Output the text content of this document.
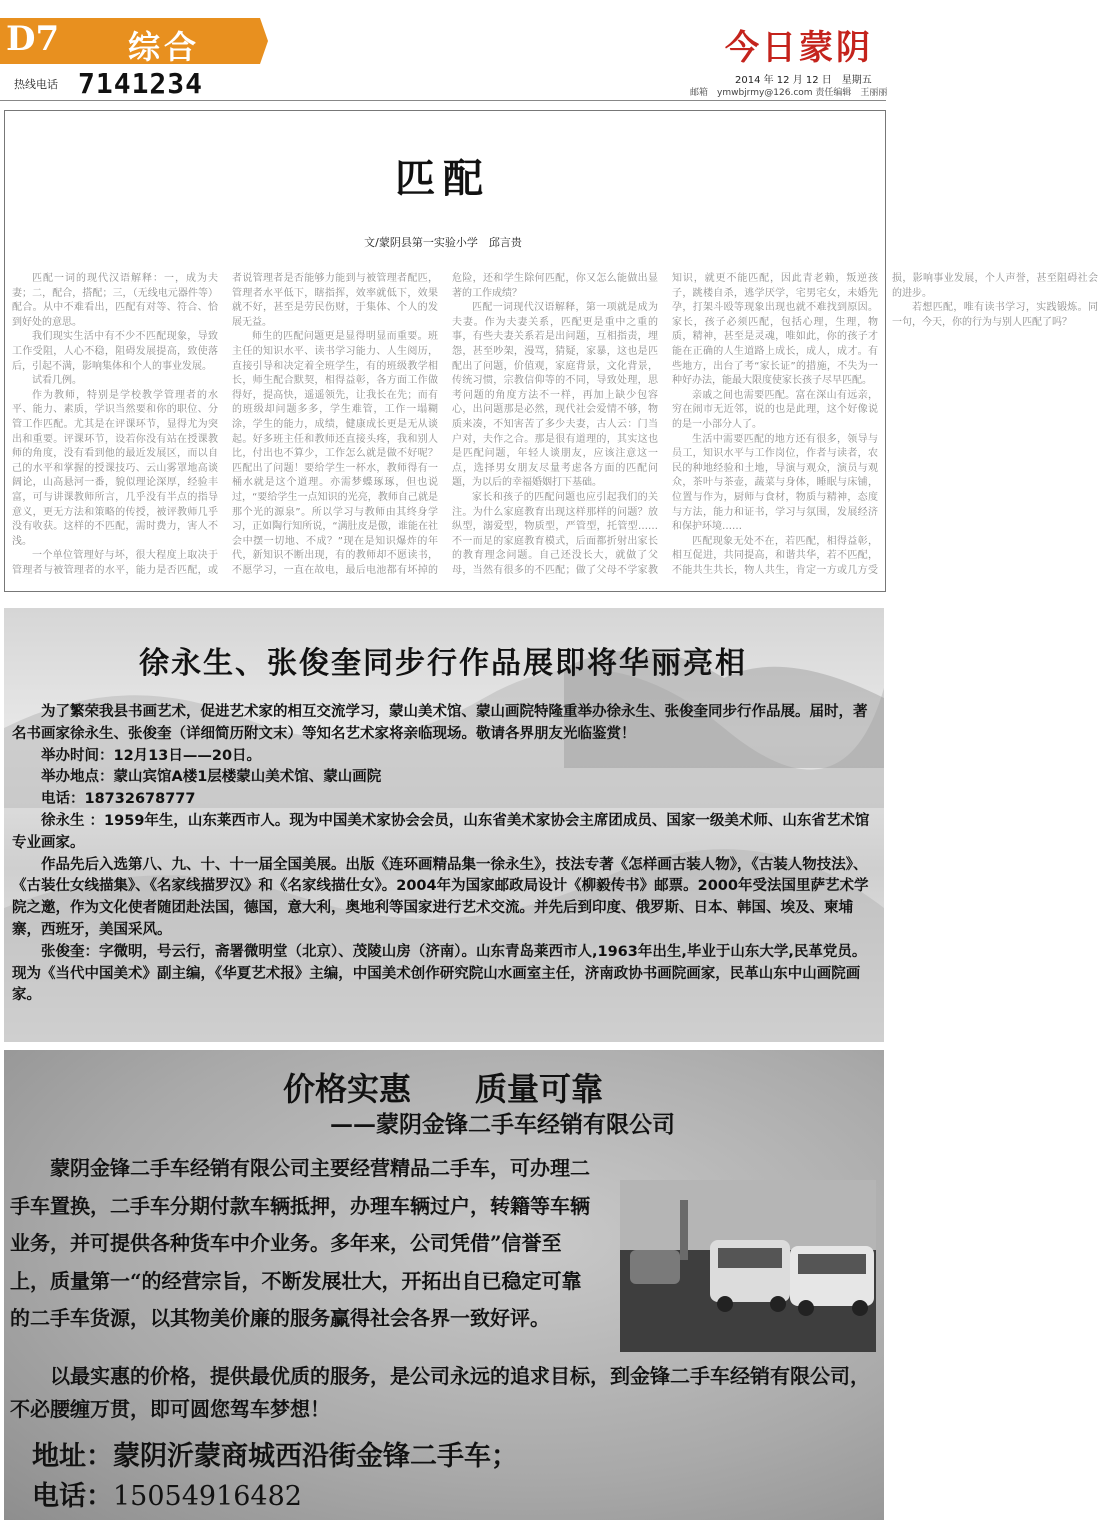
D7 综合
热线电话 7141234
今日蒙阴
2014 年 12 月 12 日　星期五
邮箱　ymwbjrmy@126.com 责任编辑　王丽丽
匹配
文/蒙阴县第一实验小学　邱言贵

匹配一词的现代汉语解释：一，成为夫妻；二，配合，搭配；三，（无线电元器件等）配合。从中不难看出，匹配有对等、符合、恰到好处的意思。

我们现实生活中有不少不匹配现象，导致工作受阻，人心不稳，阻碍发展提高，致使落后，引起不满，影响集体和个人的事业发展。

试看几例。

作为教师，特别是学校教学管理者的水平、能力、素质，学识当然要和你的职位、分管工作匹配。尤其是在评课环节，显得尤为突出和重要。评课环节，设若你没有站在授课教师的角度，没有看到他的最近发展区，而以自己的水平和掌握的授课技巧、云山雾罩地高谈阔论，山高悬河一番，貌似理论深厚，经验丰富，可与讲课教师所言，几乎没有半点的指导意义，更无方法和策略的传授，被评教师几乎没有收获。这样的不匹配，需时费力，害人不浅。

一个单位管理好与坏，很大程度上取决于管理者与被管理者的水平，能力是否匹配，或者说管理者是否能够力能到与被管理者配匹，管理者水平低下，瞎指挥，效率就低下，效果就不好，甚至是劳民伤财，于集体、个人的发展无益。

师生的匹配问题更是显得明显而重要。班主任的知识水平、读书学习能力、人生阅历，直接引导和决定着全班学生，有的班级教学相长，师生配合默契，相得益彰，各方面工作做得好，提高快，遥遥领先，让我长在先；而有的班级却问题多多，学生难管，工作一塌糊涂，学生的能力，成绩，健康成长更是无从谈起。好多班主任和教师还直接头疼，我和别人比，付出也不算少，工作怎么就是做不好呢？匹配出了问题！要给学生一杯水，教师得有一桶水就是这个道理。亦需梦蝶琢琢，但也说过，“要给学生一点知识的光亮，教师自己就是那个光的源泉”。所以学习与教师由其终身学习，正如陶行知所说，“满肚皮是傲，谁能在社会中摆一切地、不成？”现在是知识爆炸的年代，新知识不断出现，有的教师却不愿读书，不愿学习，一直在故电，最后电池都有坏掉的危险，还和学生除何匹配，你又怎么能做出显著的工作成绩？

匹配一词现代汉语解释，第一项就是成为夫妻。作为夫妻关系，匹配更是重中之重的事，有些夫妻关系若是出问题，互相指责，埋怨，甚至吵架，漫骂，猜疑，家暴，这也是匹配出了问题，价值观，家庭背景，文化背景，传统习惯，宗教信仰等的不同，导致处理，思考问题的角度方法不一样，再加上缺少包容心，出问题那是必然，现代社会爱情不够，物质来凑，不知害苦了多少夫妻，古人云：门当户对，夫作之合。那是很有道理的，其实这也是匹配问题，年轻人谈朋友，应该注意这一点，选择男女朋友尽量考虑各方面的匹配问题，为以后的幸福婚姻打下基础。

家长和孩子的匹配问题也应引起我们的关注。为什么家庭教育出现这样那样的问题？放纵型，溺爱型，物质型，严管型，托管型……不一而足的家庭教育模式，后面都折射出家长的教育理念问题。自己还没长大，就做了父母，当然有很多的不匹配；做了父母不学家教知识，就更不能匹配，因此青老赖，叛逆孩子，跳楼自杀，逃学厌学，宅男宅女，未婚先孕，打架斗殴等现象出现也就不难找到原因。家长，孩子必须匹配，包括心理，生理，物质，精神，甚至是灵魂，唯如此，你的孩子才能在正确的人生道路上成长，成人，成才。有些地方，出台了考“家长证”的措施，不失为一种好办法，能最大限度使家长孩子尽早匹配。

亲戚之间也需要匹配。富在深山有远亲，穷在闹市无近邻，说的也是此理，这个好像说的是一小部分人了。

生活中需要匹配的地方还有很多，领导与员工，知识水平与工作岗位，作者与读者，农民的种地经验和土地，导演与观众，演员与观众，茶叶与茶壶，蔬菜与身体，睡眠与床铺，位置与作为，厨师与食材，物质与精神，态度与方法，能力和证书，学习与氛围，发展经济和保护环境……

匹配现象无处不在，若匹配，相得益彰，相互促进，共同提高，和谐共华，若不匹配，不能共生共长，物人共生，肯定一方或几方受损，影响事业发展，个人声誉，甚至阻碍社会的进步。

若想匹配，唯有读书学习，实践锻炼。同一句，今天，你的行为与别人匹配了吗？

徐永生、张俊奎同步行作品展即将华丽亮相

为了繁荣我县书画艺术，促进艺术家的相互交流学习，蒙山美术馆、蒙山画院特隆重举办徐永生、张俊奎同步行作品展。届时，著名书画家徐永生、张俊奎（详细简历附文末）等知名艺术家将亲临现场。敬请各界朋友光临鉴赏！

举办时间：12月13日——20日。

举办地点：蒙山宾馆A楼1层楼蒙山美术馆、蒙山画院

电话：18732678777

徐永生 ：1959年生，山东莱西市人。现为中国美术家协会会员，山东省美术家协会主席团成员、国家一级美术师、山东省艺术馆专业画家。

作品先后入选第八、九、十、十一届全国美展。出版《连环画精品集一徐永生》，技法专著《怎样画古装人物》，《古装人物技法》、《古装仕女线描集》、《名家线描罗汉》和《名家线描仕女》。2004年为国家邮政局设计《柳毅传书》邮票。2000年受法国里萨艺术学院之邀，作为文化使者随团赴法国，德国，意大利，奥地利等国家进行艺术交流。并先后到印度、俄罗斯、日本、韩国、埃及、柬埔寨，西班牙，美国采风。

张俊奎：字微明，号云行，斋署微明堂（北京）、茂陵山房（济南）。山东青岛莱西市人,1963年出生,毕业于山东大学,民革党员。现为《当代中国美术》副主编，《华夏艺术报》主编，中国美术创作研究院山水画室主任，济南政协书画院画家，民革山东中山画院画家。

价格实惠　　质量可靠
——蒙阴金锋二手车经销有限公司
蒙阴金锋二手车经销有限公司主要经营精品二手车，可办理二手车置换，二手车分期付款车辆抵押，办理车辆过户，转籍等车辆业务，并可提供各种货车中介业务。多年来，公司凭借”信誉至上，质量第一“的经营宗旨，不断发展壮大，开拓出自已稳定可靠的二手车货源，以其物美价廉的服务赢得社会各界一致好评。
以最实惠的价格，提供最优质的服务，是公司永远的追求目标，到金锋二手车经销有限公司，不必腰缠万贯，即可圆您驾车梦想！
地址：蒙阴沂蒙商城西沿街金锋二手车；
电话：15054916482
